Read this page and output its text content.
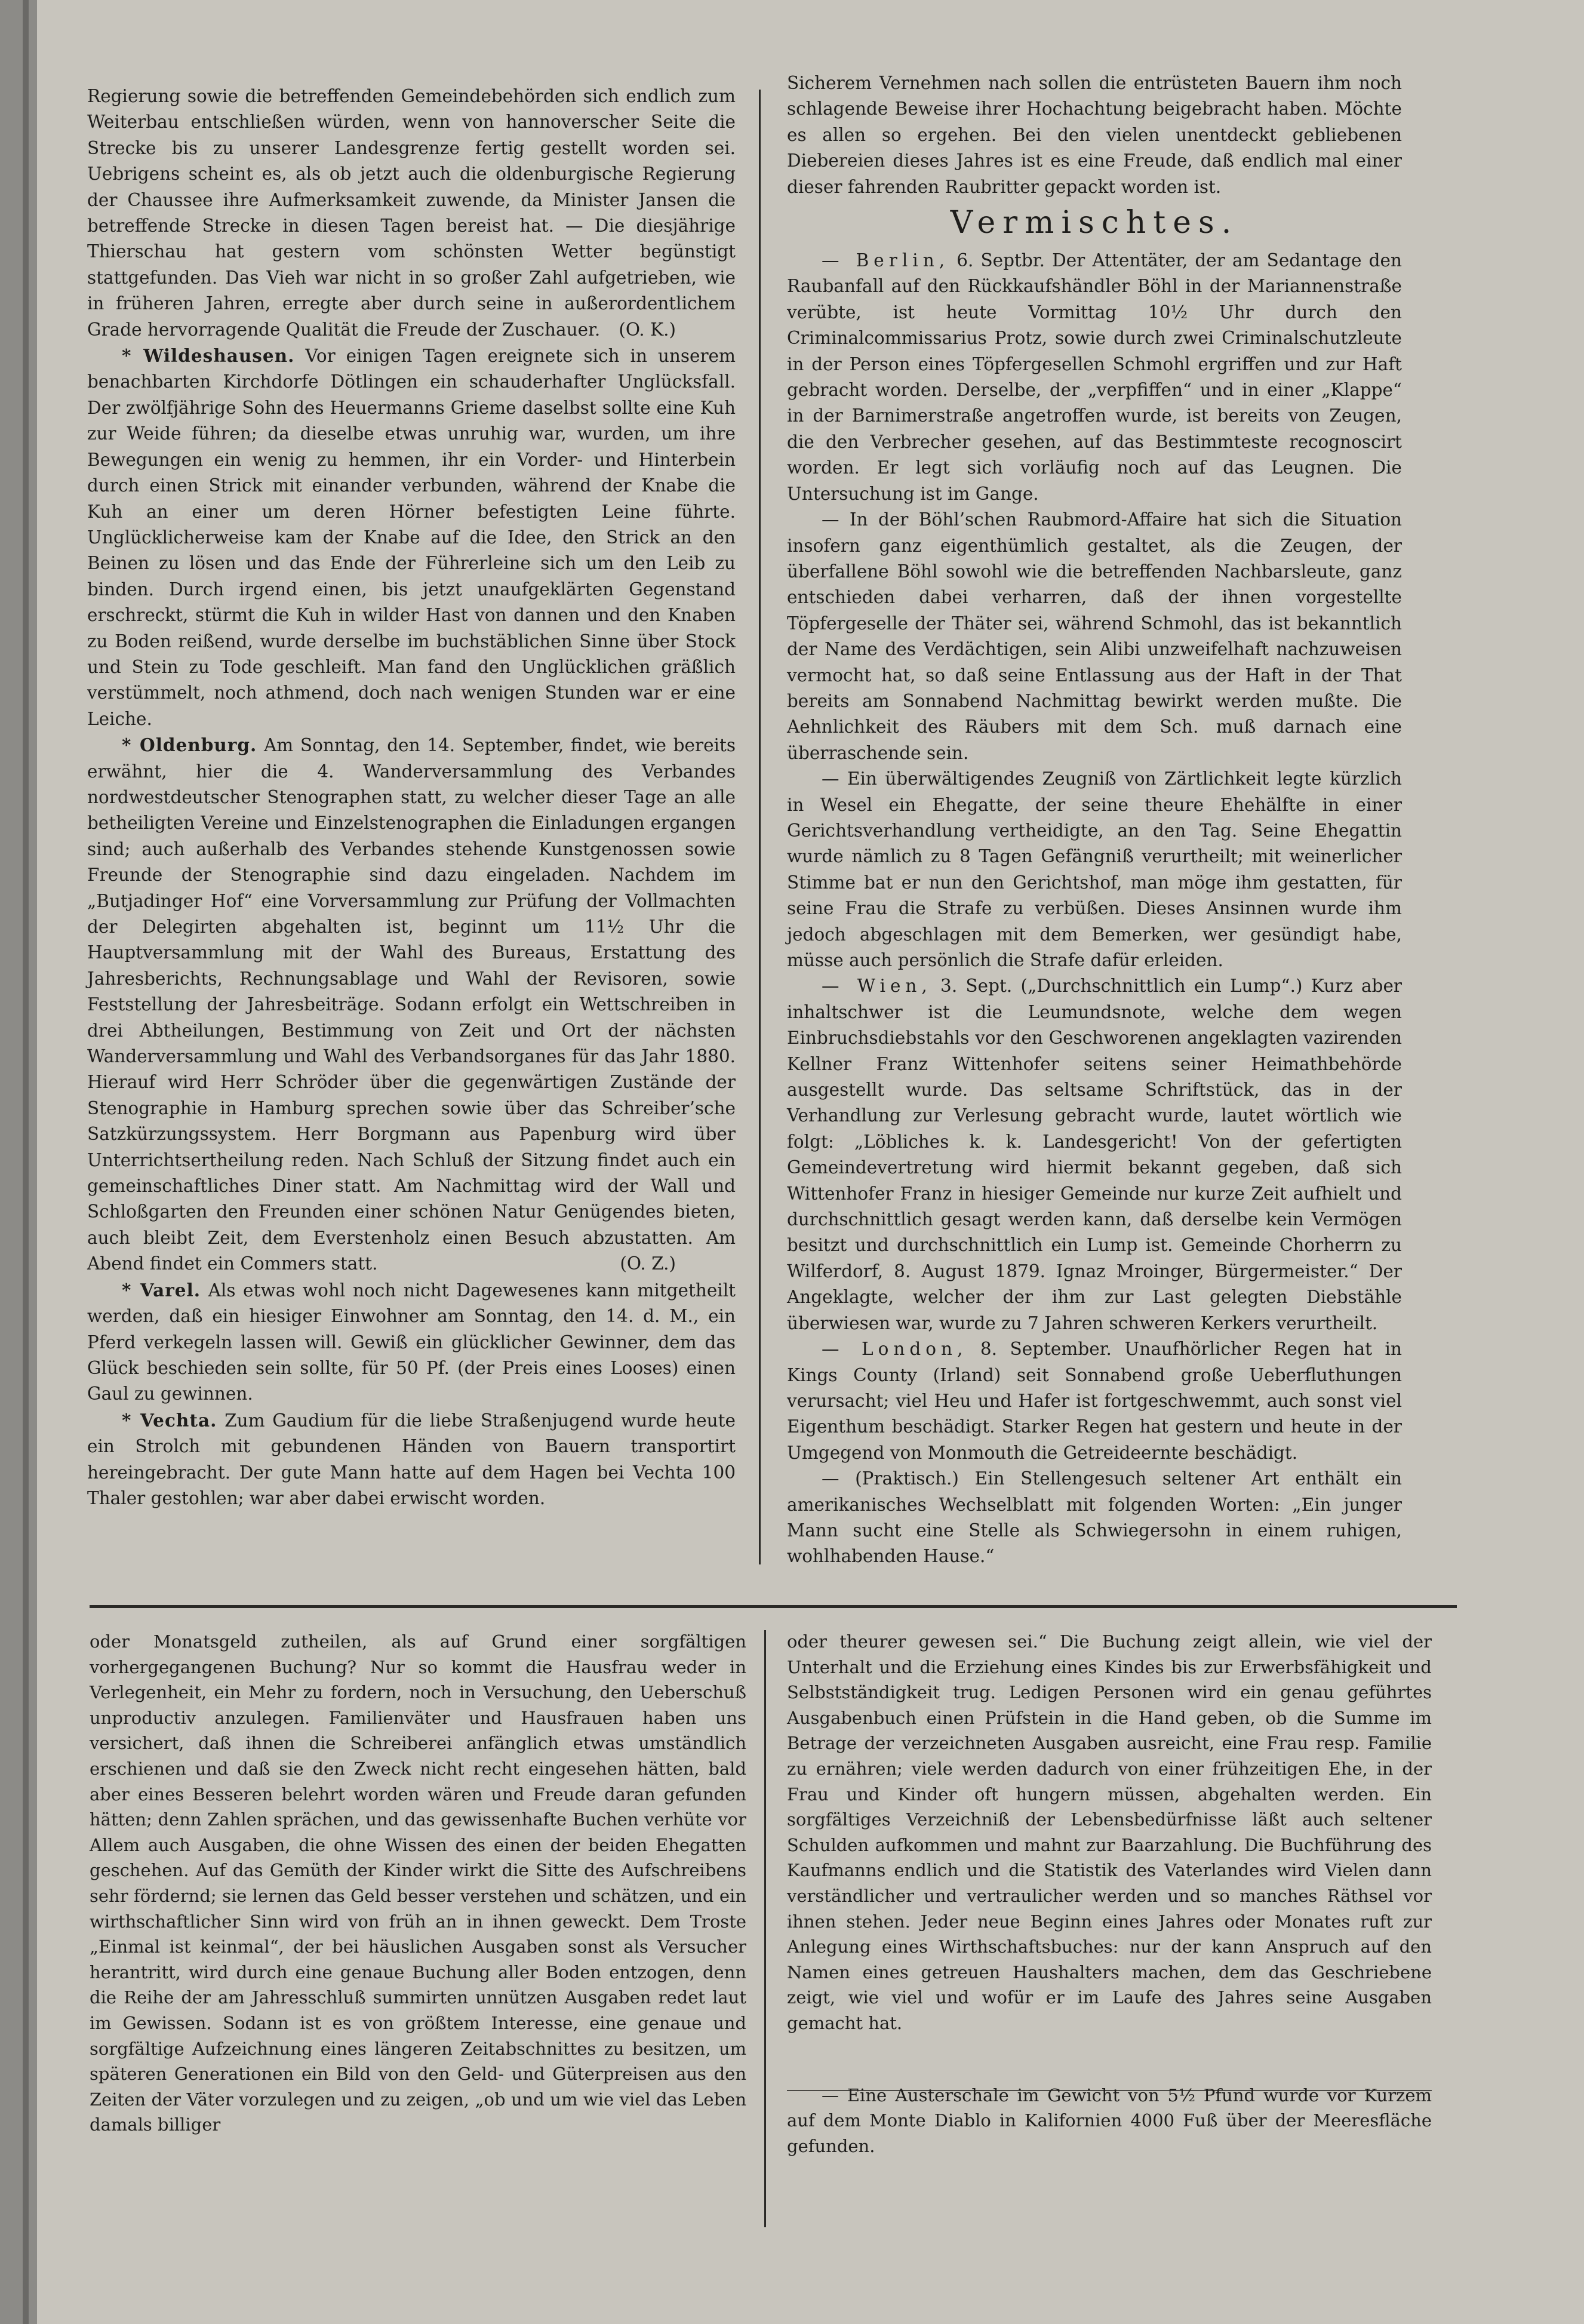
Regierung sowie die betreffenden Gemeindebehörden sich endlich zum Weiterbau entschließen würden, wenn von hannoverscher Seite die Strecke bis zu unserer Landesgrenze fertig gestellt worden sei. Uebrigens scheint es, als ob jetzt auch die oldenburgische Regierung der Chaussee ihre Aufmerksamkeit zuwende, da Minister Jansen die betreffende Strecke in diesen Tagen bereist hat. — Die diesjährige Thierschau hat gestern vom schönsten Wetter begünstigt stattgefunden. Das Vieh war nicht in so großer Zahl aufgetrieben, wie in früheren Jahren, erregte aber durch seine in außerordentlichem Grade hervorragende Qualität die Freude der Zuschauer. (O. K.)

* Wildeshausen. Vor einigen Tagen ereignete sich in unserem benachbarten Kirchdorfe Dötlingen ein schauderhafter Unglücksfall. Der zwölfjährige Sohn des Heuermanns Grieme daselbst sollte eine Kuh zur Weide führen; da dieselbe etwas unruhig war, wurden, um ihre Bewegungen ein wenig zu hemmen, ihr ein Vorder- und Hinterbein durch einen Strick mit einander verbunden, während der Knabe die Kuh an einer um deren Hörner befestigten Leine führte. Unglücklicherweise kam der Knabe auf die Idee, den Strick an den Beinen zu lösen und das Ende der Führerleine sich um den Leib zu binden. Durch irgend einen, bis jetzt unaufgeklärten Gegenstand erschreckt, stürmt die Kuh in wilder Hast von dannen und den Knaben zu Boden reißend, wurde derselbe im buchstäblichen Sinne über Stock und Stein zu Tode geschleift. Man fand den Unglücklichen gräßlich verstümmelt, noch athmend, doch nach wenigen Stunden war er eine Leiche.

* Oldenburg. Am Sonntag, den 14. September, findet, wie bereits erwähnt, hier die 4. Wanderversammlung des Verbandes nordwestdeutscher Stenographen statt, zu welcher dieser Tage an alle betheiligten Vereine und Einzelstenographen die Einladungen ergangen sind; auch außerhalb des Verbandes stehende Kunstgenossen sowie Freunde der Stenographie sind dazu eingeladen. Nachdem im „Butjadinger Hof“ eine Vorversammlung zur Prüfung der Vollmachten der Delegirten abgehalten ist, beginnt um 11½ Uhr die Hauptversammlung mit der Wahl des Bureaus, Erstattung des Jahresberichts, Rechnungsablage und Wahl der Revisoren, sowie Feststellung der Jahresbeiträge. Sodann erfolgt ein Wettschreiben in drei Abtheilungen, Bestimmung von Zeit und Ort der nächsten Wanderversammlung und Wahl des Verbandsorganes für das Jahr 1880. Hierauf wird Herr Schröder über die gegenwärtigen Zustände der Stenographie in Hamburg sprechen sowie über das Schreiber’sche Satzkürzungssystem. Herr Borgmann aus Papenburg wird über Unterrichtsertheilung reden. Nach Schluß der Sitzung findet auch ein gemeinschaftliches Diner statt. Am Nachmittag wird der Wall und Schloßgarten den Freunden einer schönen Natur Genügendes bieten, auch bleibt Zeit, dem Everstenholz einen Besuch abzustatten. Am Abend findet ein Commers statt.	(O. Z.)

* Varel. Als etwas wohl noch nicht Dagewesenes kann mitgetheilt werden, daß ein hiesiger Einwohner am Sonntag, den 14. d. M., ein Pferd verkegeln lassen will. Gewiß ein glücklicher Gewinner, dem das Glück beschieden sein sollte, für 50 Pf. (der Preis eines Looses) einen Gaul zu gewinnen.

* Vechta. Zum Gaudium für die liebe Straßenjugend wurde heute ein Strolch mit gebundenen Händen von Bauern transportirt hereingebracht. Der gute Mann hatte auf dem Hagen bei Vechta 100 Thaler gestohlen; war aber dabei erwischt worden.

Sicherem Vernehmen nach sollen die entrüsteten Bauern ihm noch schlagende Beweise ihrer Hochachtung beigebracht haben. Möchte es allen so ergehen. Bei den vielen unentdeckt gebliebenen Diebereien dieses Jahres ist es eine Freude, daß endlich mal einer dieser fahrenden Raubritter gepackt worden ist.

Vermischtes.

— Berlin, 6. Septbr. Der Attentäter, der am Sedantage den Raubanfall auf den Rückkaufshändler Böhl in der Mariannenstraße verübte, ist heute Vormittag 10½ Uhr durch den Criminalcommissarius Protz, sowie durch zwei Criminalschutzleute in der Person eines Töpfergesellen Schmohl ergriffen und zur Haft gebracht worden. Derselbe, der „verpfiffen“ und in einer „Klappe“ in der Barnimerstraße angetroffen wurde, ist bereits von Zeugen, die den Verbrecher gesehen, auf das Bestimmteste recognoscirt worden. Er legt sich vorläufig noch auf das Leugnen. Die Untersuchung ist im Gange.

— In der Böhl’schen Raubmord-Affaire hat sich die Situation insofern ganz eigenthümlich gestaltet, als die Zeugen, der überfallene Böhl sowohl wie die betreffenden Nachbarsleute, ganz entschieden dabei verharren, daß der ihnen vorgestellte Töpfergeselle der Thäter sei, während Schmohl, das ist bekanntlich der Name des Verdächtigen, sein Alibi unzweifelhaft nachzuweisen vermocht hat, so daß seine Entlassung aus der Haft in der That bereits am Sonnabend Nachmittag bewirkt werden mußte. Die Aehnlichkeit des Räubers mit dem Sch. muß darnach eine überraschende sein.

— Ein überwältigendes Zeugniß von Zärtlichkeit legte kürzlich in Wesel ein Ehegatte, der seine theure Ehehälfte in einer Gerichtsverhandlung vertheidigte, an den Tag. Seine Ehegattin wurde nämlich zu 8 Tagen Gefängniß verurtheilt; mit weinerlicher Stimme bat er nun den Gerichtshof, man möge ihm gestatten, für seine Frau die Strafe zu verbüßen. Dieses Ansinnen wurde ihm jedoch abgeschlagen mit dem Bemerken, wer gesündigt habe, müsse auch persönlich die Strafe dafür erleiden.

— Wien, 3. Sept. („Durchschnittlich ein Lump“.) Kurz aber inhaltschwer ist die Leumundsnote, welche dem wegen Einbruchsdiebstahls vor den Geschworenen angeklagten vazirenden Kellner Franz Wittenhofer seitens seiner Heimathbehörde ausgestellt wurde. Das seltsame Schriftstück, das in der Verhandlung zur Verlesung gebracht wurde, lautet wörtlich wie folgt: „Löbliches k. k. Landesgericht! Von der gefertigten Gemeindevertretung wird hiermit bekannt gegeben, daß sich Wittenhofer Franz in hiesiger Gemeinde nur kurze Zeit aufhielt und durchschnittlich gesagt werden kann, daß derselbe kein Vermögen besitzt und durchschnittlich ein Lump ist. Gemeinde Chorherrn zu Wilferdorf, 8. August 1879. Ignaz Mroinger, Bürgermeister.“ Der Angeklagte, welcher der ihm zur Last gelegten Diebstähle überwiesen war, wurde zu 7 Jahren schweren Kerkers verurtheilt.

— London, 8. September. Unaufhörlicher Regen hat in Kings County (Irland) seit Sonnabend große Ueberfluthungen verursacht; viel Heu und Hafer ist fortgeschwemmt, auch sonst viel Eigenthum beschädigt. Starker Regen hat gestern und heute in der Umgegend von Monmouth die Getreideernte beschädigt.

— (Praktisch.) Ein Stellengesuch seltener Art enthält ein amerikanisches Wechselblatt mit folgenden Worten: „Ein junger Mann sucht eine Stelle als Schwiegersohn in einem ruhigen, wohlhabenden Hause.“

oder Monatsgeld zutheilen, als auf Grund einer sorgfältigen vorhergegangenen Buchung? Nur so kommt die Hausfrau weder in Verlegenheit, ein Mehr zu fordern, noch in Versuchung, den Ueberschuß unproductiv anzulegen. Familienväter und Hausfrauen haben uns versichert, daß ihnen die Schreiberei anfänglich etwas umständlich erschienen und daß sie den Zweck nicht recht eingesehen hätten, bald aber eines Besseren belehrt worden wären und Freude daran gefunden hätten; denn Zahlen sprächen, und das gewissenhafte Buchen verhüte vor Allem auch Ausgaben, die ohne Wissen des einen der beiden Ehegatten geschehen. Auf das Gemüth der Kinder wirkt die Sitte des Aufschreibens sehr fördernd; sie lernen das Geld besser verstehen und schätzen, und ein wirthschaftlicher Sinn wird von früh an in ihnen geweckt. Dem Troste „Einmal ist keinmal“, der bei häuslichen Ausgaben sonst als Versucher herantritt, wird durch eine genaue Buchung aller Boden entzogen, denn die Reihe der am Jahresschluß summirten unnützen Ausgaben redet laut im Gewissen. Sodann ist es von größtem Interesse, eine genaue und sorgfältige Aufzeichnung eines längeren Zeitabschnittes zu besitzen, um späteren Generationen ein Bild von den Geld- und Güterpreisen aus den Zeiten der Väter vorzulegen und zu zeigen, „ob und um wie viel das Leben damals billiger

oder theurer gewesen sei.“ Die Buchung zeigt allein, wie viel der Unterhalt und die Erziehung eines Kindes bis zur Erwerbsfähigkeit und Selbstständigkeit trug. Ledigen Personen wird ein genau geführtes Ausgabenbuch einen Prüfstein in die Hand geben, ob die Summe im Betrage der verzeichneten Ausgaben ausreicht, eine Frau resp. Familie zu ernähren; viele werden dadurch von einer frühzeitigen Ehe, in der Frau und Kinder oft hungern müssen, abgehalten werden. Ein sorgfältiges Verzeichniß der Lebensbedürfnisse läßt auch seltener Schulden aufkommen und mahnt zur Baarzahlung. Die Buchführung des Kaufmanns endlich und die Statistik des Vaterlandes wird Vielen dann verständlicher und vertraulicher werden und so manches Räthsel vor ihnen stehen. Jeder neue Beginn eines Jahres oder Monates ruft zur Anlegung eines Wirthschaftsbuches: nur der kann Anspruch auf den Namen eines getreuen Haushalters machen, dem das Geschriebene zeigt, wie viel und wofür er im Laufe des Jahres seine Ausgaben gemacht hat.

— Eine Austerschale im Gewicht von 5½ Pfund wurde vor Kurzem auf dem Monte Diablo in Kalifornien 4000 Fuß über der Meeresfläche gefunden.
